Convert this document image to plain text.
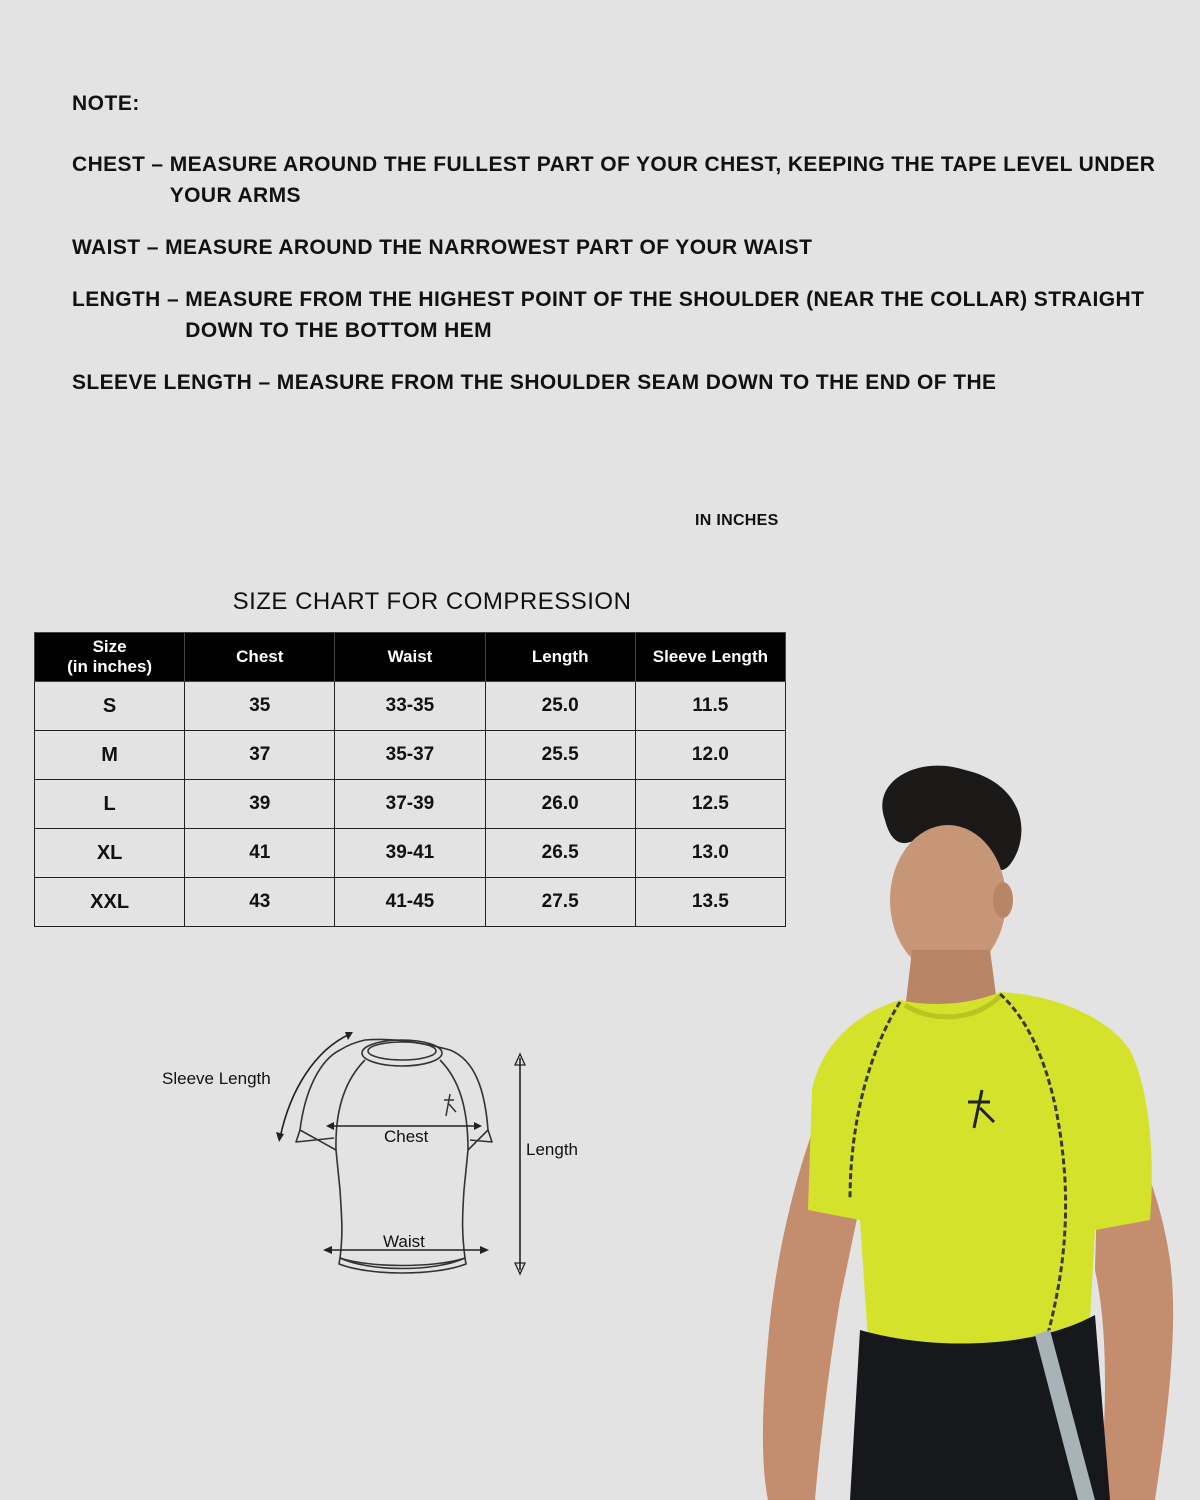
NOTE:
CHEST – MEASURE AROUND THE FULLEST PART OF YOUR CHEST, KEEPING THE TAPE LEVEL UNDER YOUR ARMS
WAIST – MEASURE AROUND THE NARROWEST PART OF YOUR WAIST
LENGTH – MEASURE FROM THE HIGHEST POINT OF THE SHOULDER (NEAR THE COLLAR) STRAIGHT DOWN TO THE BOTTOM HEM
SLEEVE LENGTH – MEASURE FROM THE SHOULDER SEAM DOWN TO THE END OF THE
IN INCHES
SIZE CHART FOR COMPRESSION
Size
(in inches)	Chest	Waist	Length	Sleeve Length
S	35	33-35	25.0	11.5
M	37	35-37	25.5	12.0
L	39	37-39	26.0	12.5
XL	41	39-41	26.5	13.0
XXL	43	41-45	27.5	13.5
Sleeve Length
Chest
Waist
Length
